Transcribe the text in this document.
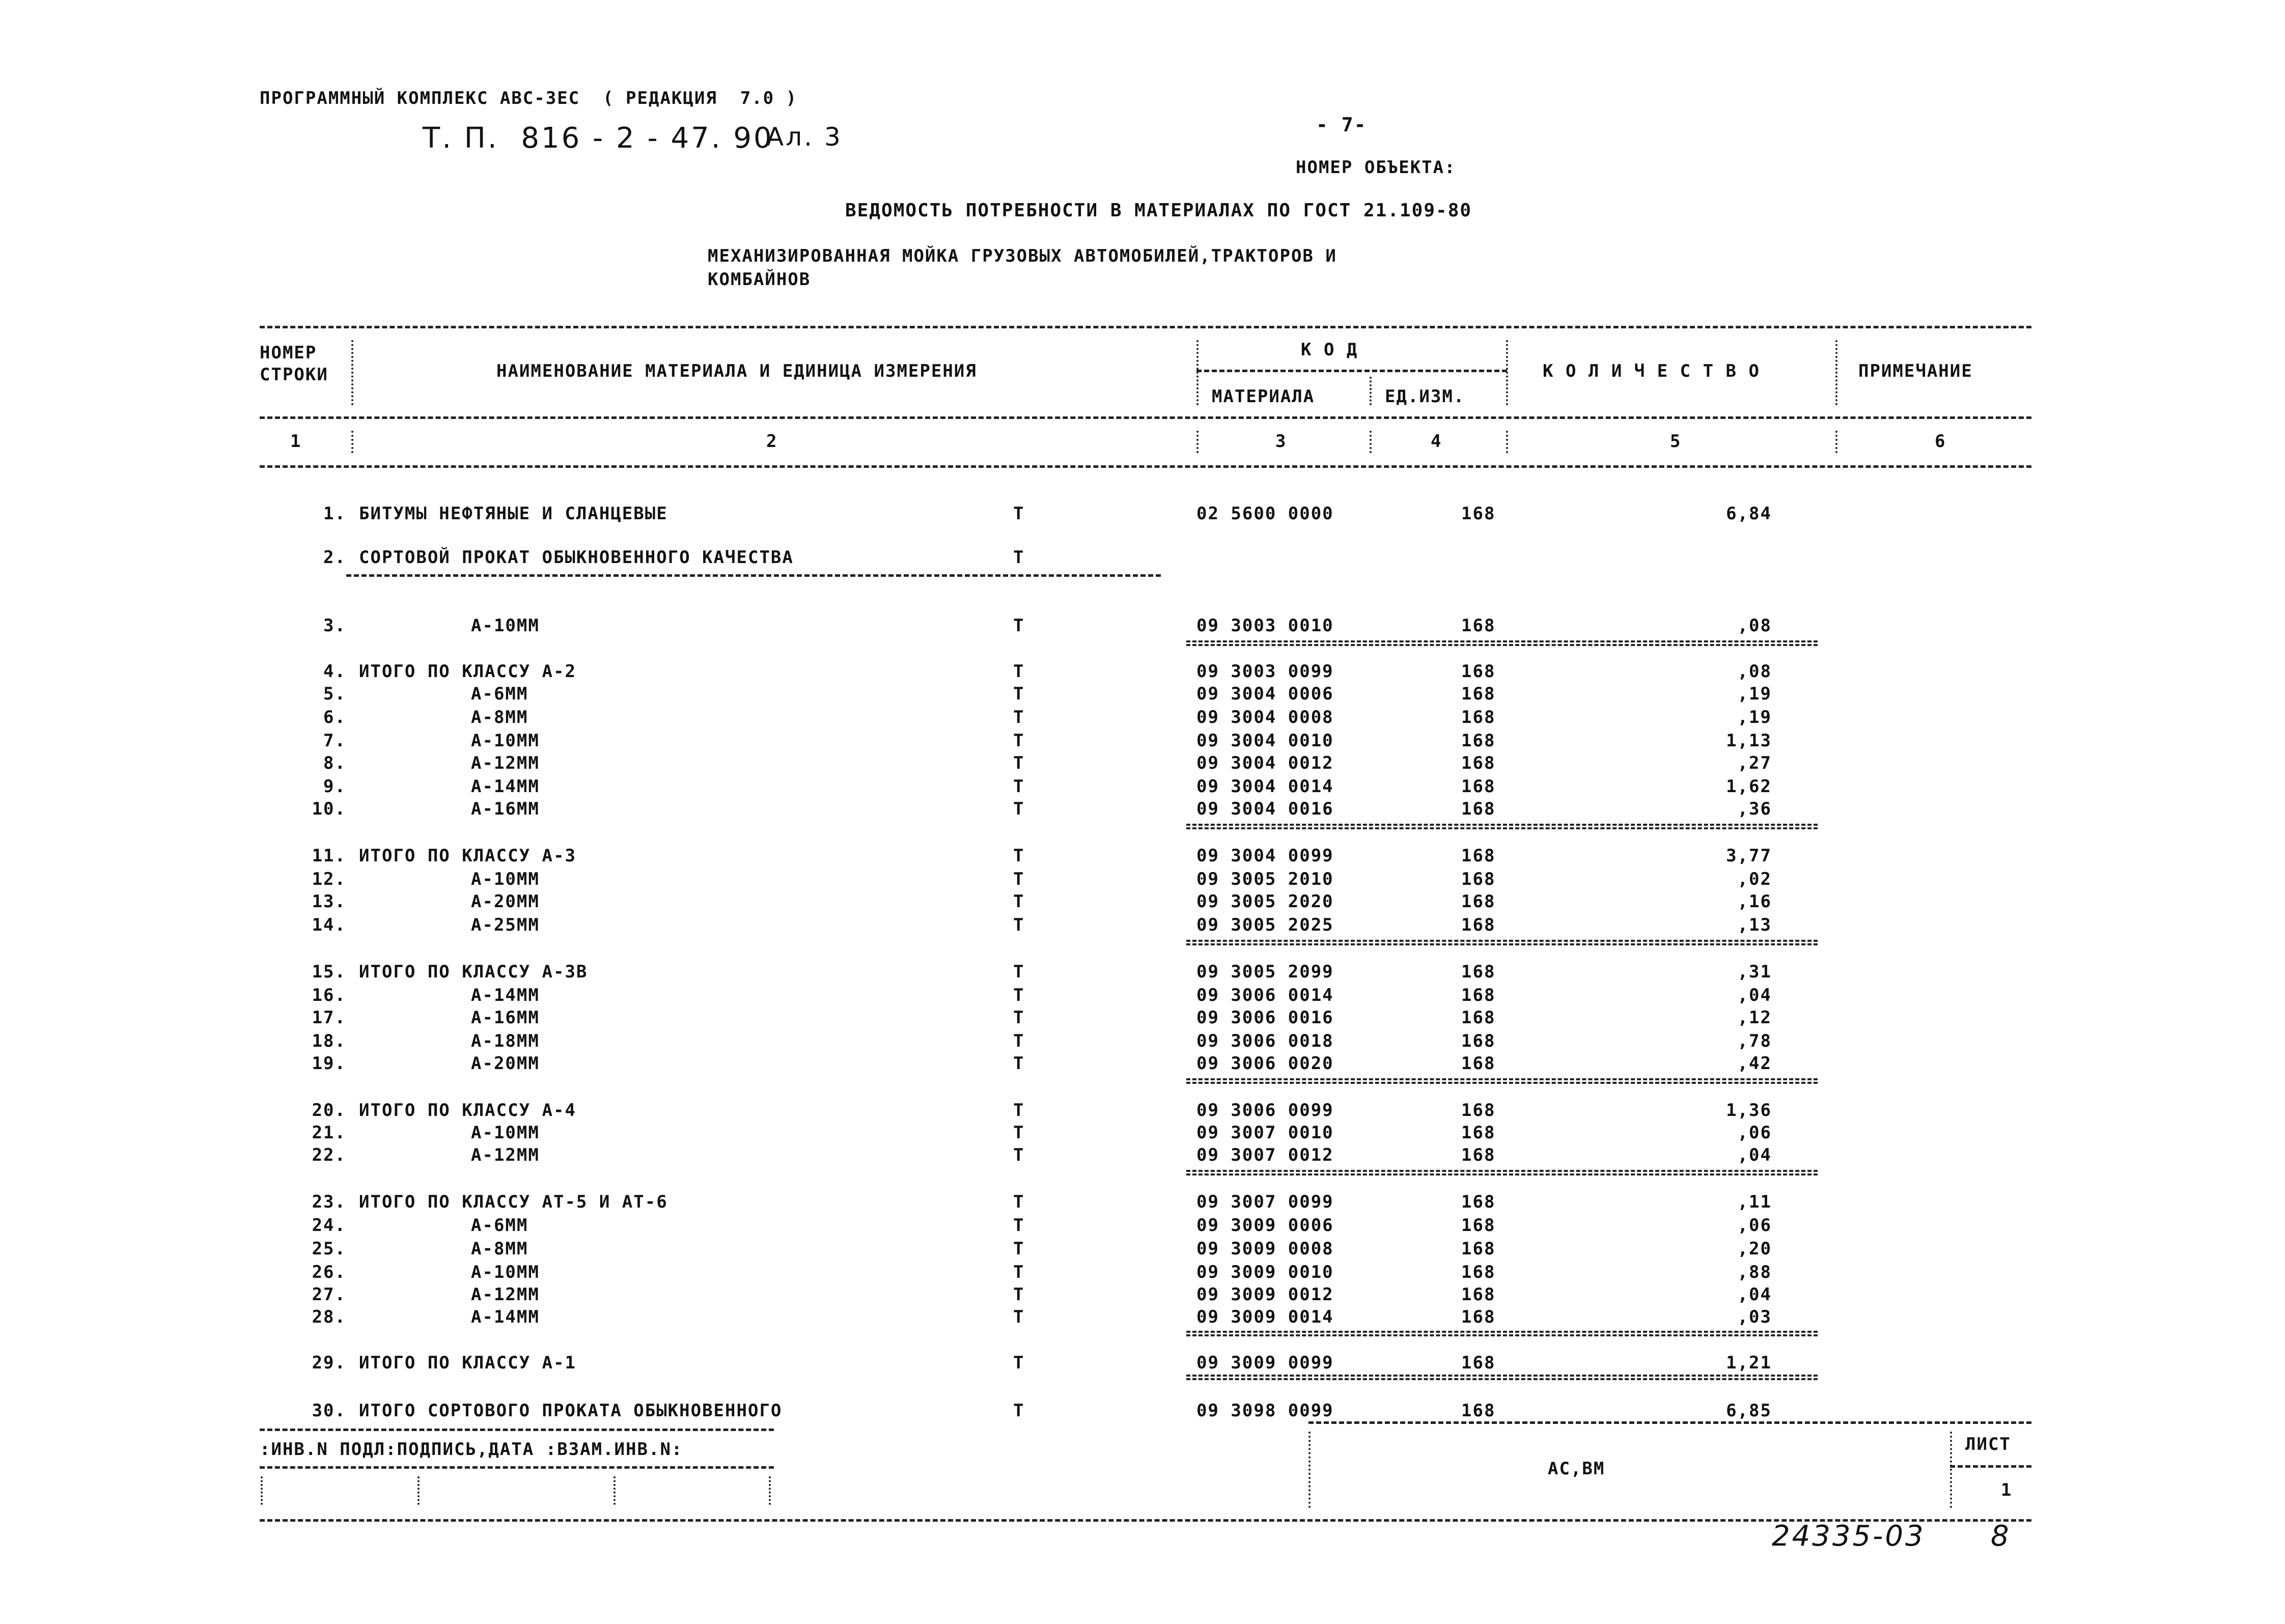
ПРОГРАММНЫЙ КОМПЛЕКС АВС-3ЕС  ( РЕДАКЦИЯ  7.0 )
Т. П.  816 - 2 - 47. 90
Ал. 3	- 7-
НОМЕР ОБЪЕКТА:
ВЕДОМОСТЬ ПОТРЕБНОСТИ В МАТЕРИАЛАХ ПО ГОСТ 21.109-80
МЕХАНИЗИРОВАННАЯ МОЙКА ГРУЗОВЫХ АВТОМОБИЛЕЙ,ТРАКТОРОВ И
КОМБАЙНОВ
НОМЕР
СТРОКИ	НАИМЕНОВАНИЕ МАТЕРИАЛА И ЕДИНИЦА ИЗМЕРЕНИЯ
К О Д
МАТЕРИАЛА	ЕД.ИЗМ.
К О Л И Ч Е С Т В О	ПРИМЕЧАНИЕ
1	2	3	4	5	6
1. БИТУМЫ НЕФТЯНЫЕ И СЛАНЦЕВЫЕ	Т	02 5600 0000	168	6,84
2. СОРТОВОЙ ПРОКАТ ОБЫКНОВЕННОГО КАЧЕСТВА	Т
3.	А-10ММ	Т	09 3003 0010	168	,08
4. ИТОГО ПО КЛАССУ А-2	Т	09 3003 0099	168	,08
5.	А-6ММ	Т	09 3004 0006	168	,19
6.	А-8ММ	Т	09 3004 0008	168	,19
7.	А-10ММ	Т	09 3004 0010	168	1,13
8.	А-12ММ	Т	09 3004 0012	168	,27
9.	А-14ММ	Т	09 3004 0014	168	1,62
10.	А-16ММ	Т	09 3004 0016	168	,36
11. ИТОГО ПО КЛАССУ А-3	Т	09 3004 0099	168	3,77
12.	А-10ММ	Т	09 3005 2010	168	,02
13.	А-20ММ	Т	09 3005 2020	168	,16
14.	А-25ММ	Т	09 3005 2025	168	,13
15. ИТОГО ПО КЛАССУ А-3В	Т	09 3005 2099	168	,31
16.	А-14ММ	Т	09 3006 0014	168	,04
17.	А-16ММ	Т	09 3006 0016	168	,12
18.	А-18ММ	Т	09 3006 0018	168	,78
19.	А-20ММ	Т	09 3006 0020	168	,42
20. ИТОГО ПО КЛАССУ А-4	Т	09 3006 0099	168	1,36
21.	А-10ММ	Т	09 3007 0010	168	,06
22.	А-12ММ	Т	09 3007 0012	168	,04
23. ИТОГО ПО КЛАССУ АТ-5 И АТ-6	Т	09 3007 0099	168	,11
24.	А-6ММ	Т	09 3009 0006	168	,06
25.	А-8ММ	Т	09 3009 0008	168	,20
26.	А-10ММ	Т	09 3009 0010	168	,88
27.	А-12ММ	Т	09 3009 0012	168	,04
28.	А-14ММ	Т	09 3009 0014	168	,03
29. ИТОГО ПО КЛАССУ А-1	Т	09 3009 0099	168	1,21
30. ИТОГО СОРТОВОГО ПРОКАТА ОБЫКНОВЕННОГО	Т	09 3098 0099	168	6,85
:ИНВ.N ПОДЛ:ПОДПИСЬ,ДАТА :ВЗАМ.ИНВ.N:
АС,ВМ
ЛИСТ
1
24335-03 8
